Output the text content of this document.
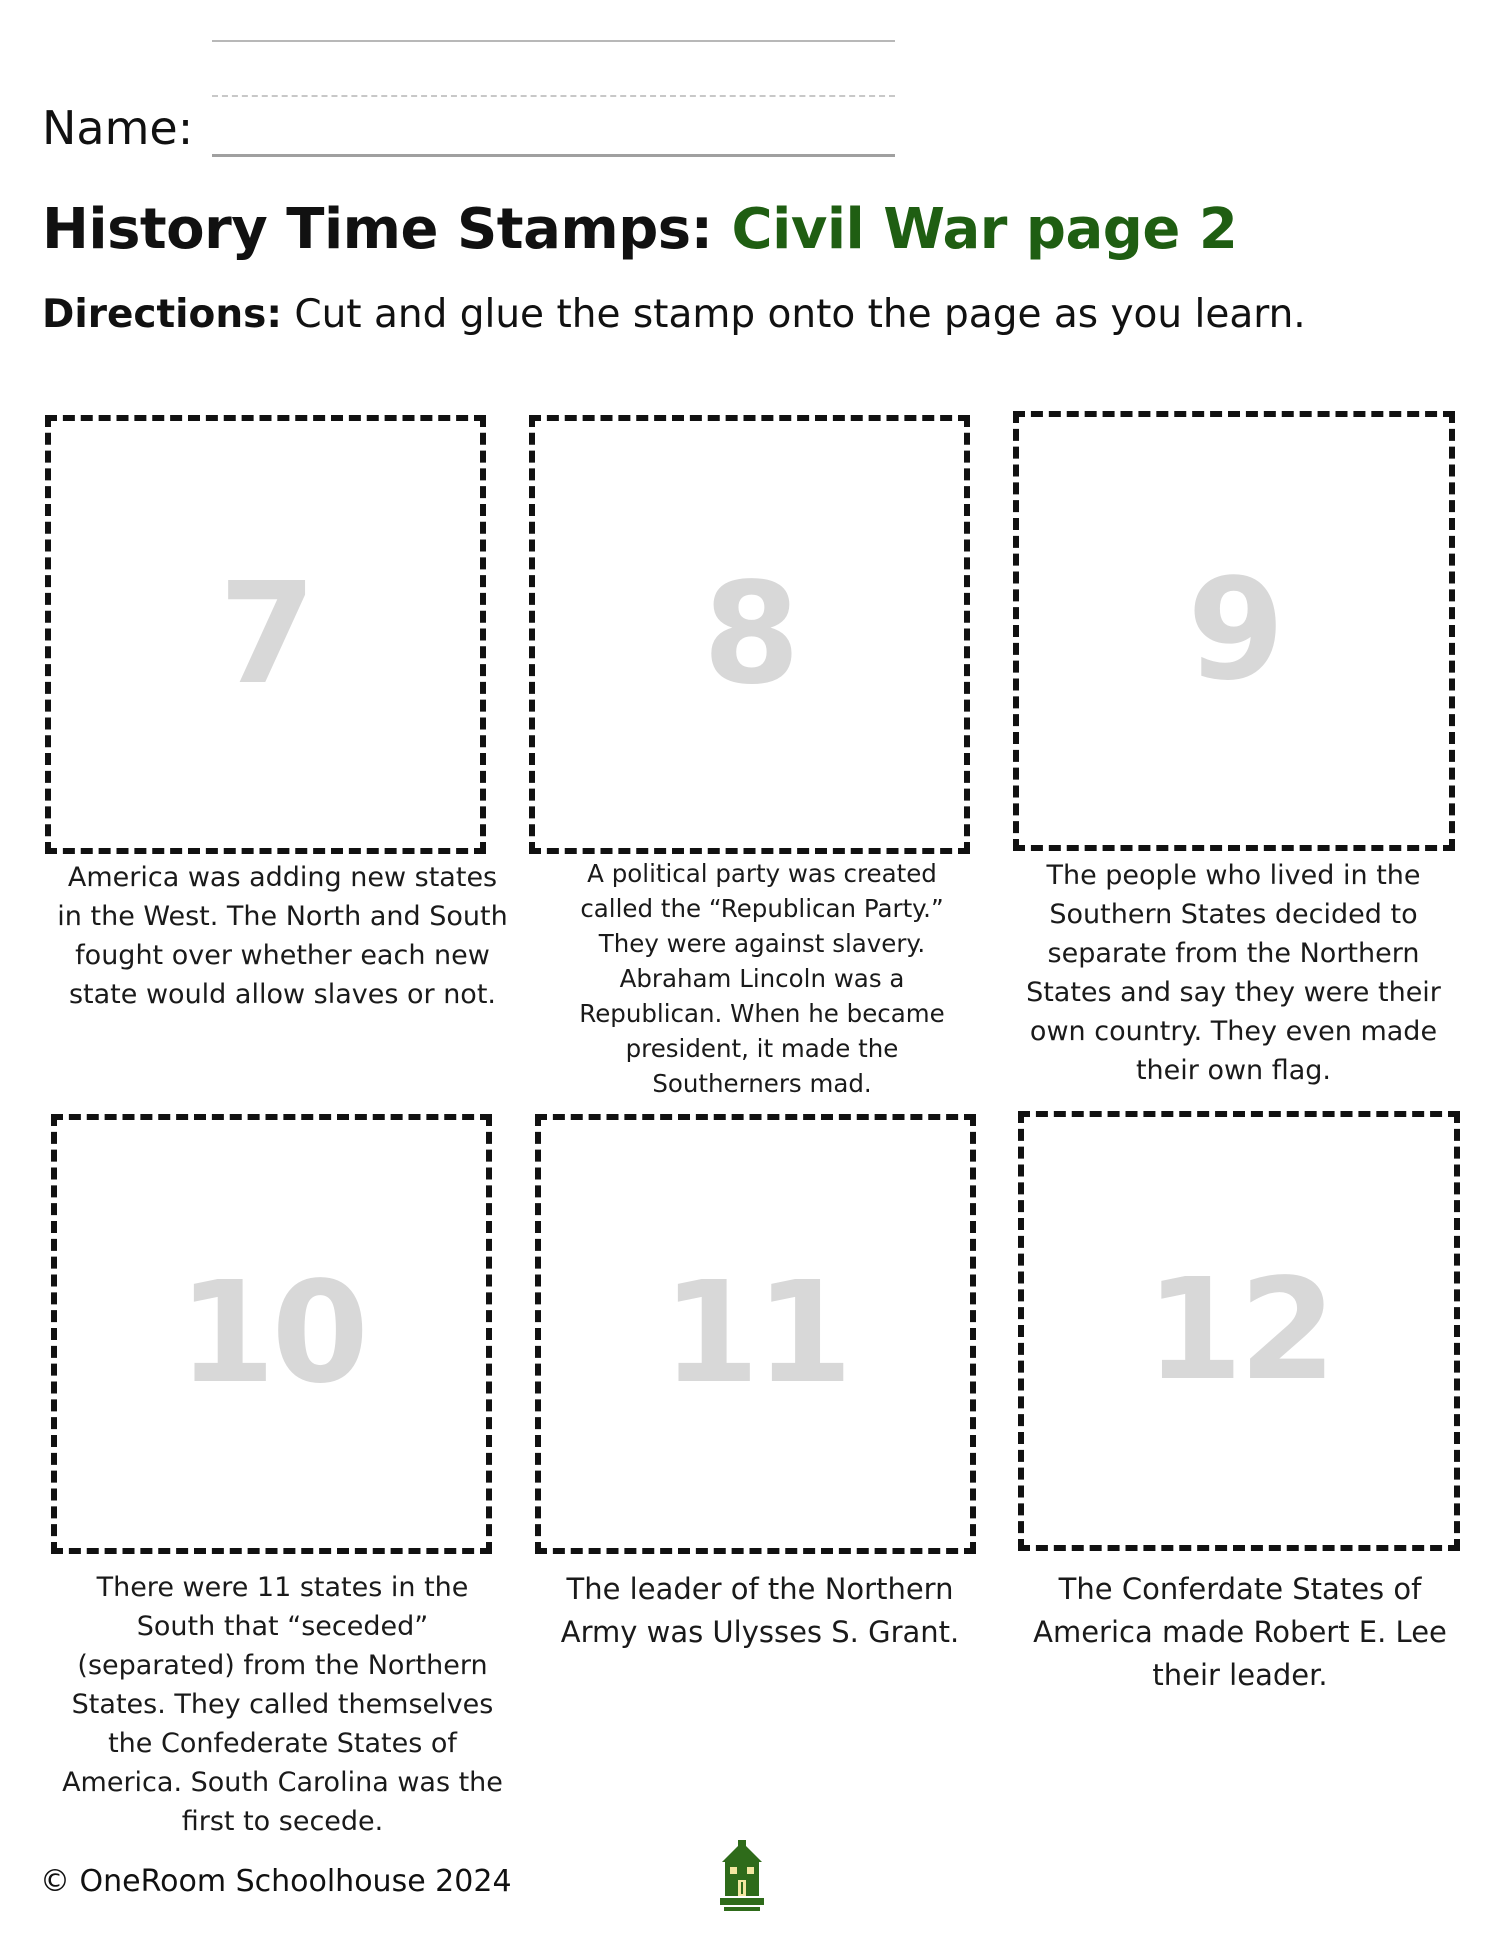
Name:
History Time Stamps: Civil War page 2
Directions: Cut and glue the stamp onto the page as you learn.
7	8	9
America was adding new states in the West. The North and South fought over whether each new state would allow slaves or not.
A political party was created called the “Republican Party.” They were against slavery. Abraham Lincoln was a Republican. When he became president, it made the Southerners mad.
The people who lived in the Southern States decided to separate from the Northern States and say they were their own country. They even made their own flag.
10 11 12
There were 11 states in the South that “seceded” (separated) from the Northern States. They called themselves the Confederate States of America. South Carolina was the first to secede.
The leader of the Northern Army was Ulysses S. Grant.
The Conferdate States of America made Robert E. Lee their leader.
© OneRoom Schoolhouse 2024
